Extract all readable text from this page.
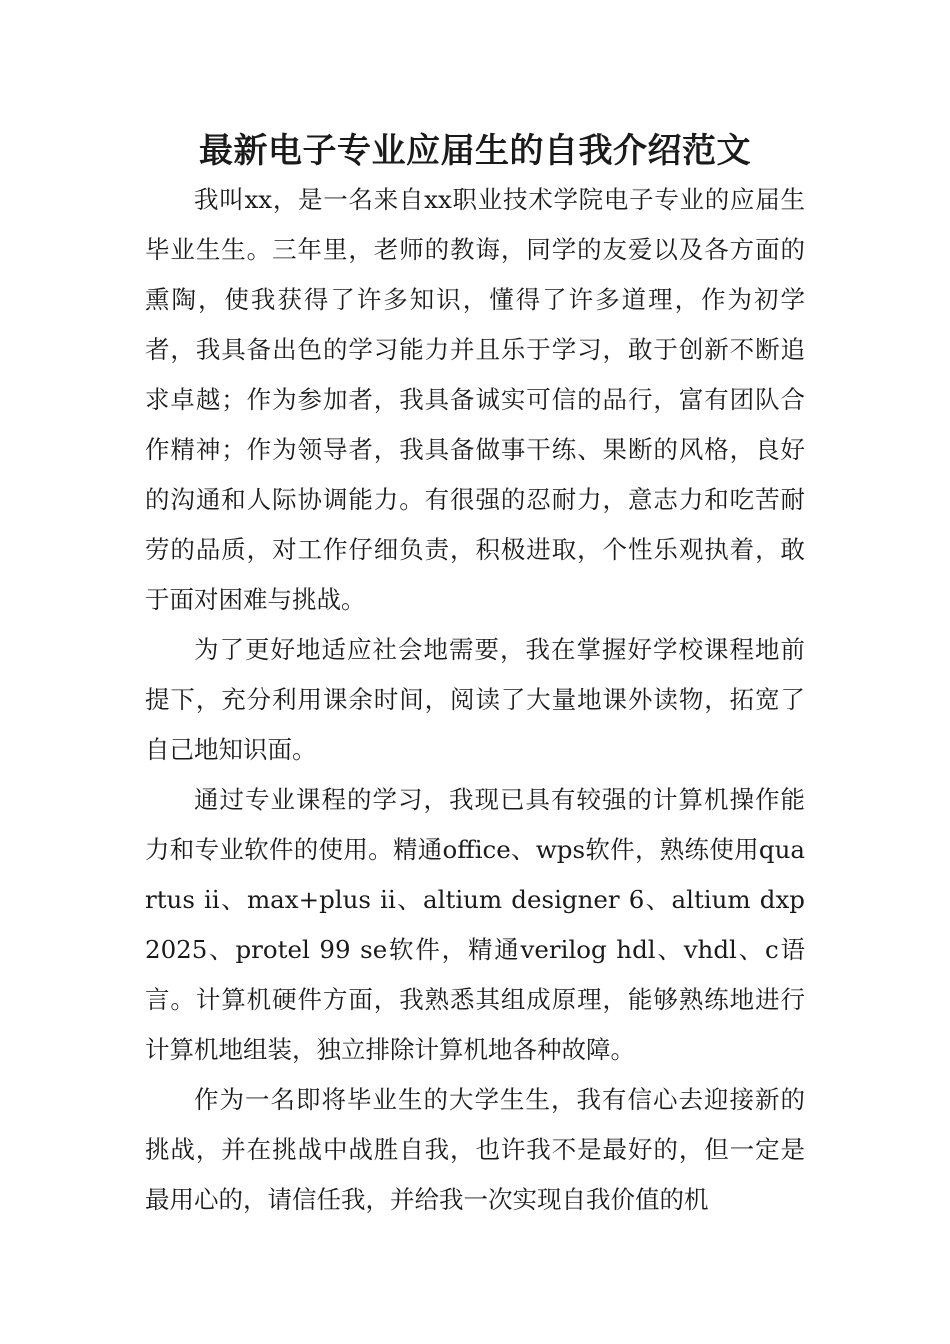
最新电子专业应届生的自我介绍范文

我叫xx，是一名来自xx职业技术学院电子专业的应届生毕业生生。三年里，老师的教诲，同学的友爱以及各方面的熏陶，使我获得了许多知识，懂得了许多道理，作为初学者，我具备出色的学习能力并且乐于学习，敢于创新不断追求卓越；作为参加者，我具备诚实可信的品行，富有团队合作精神；作为领导者，我具备做事干练、果断的风格，良好的沟通和人际协调能力。有很强的忍耐力，意志力和吃苦耐劳的品质，对工作仔细负责，积极进取，个性乐观执着，敢于面对困难与挑战。

为了更好地适应社会地需要，我在掌握好学校课程地前提下，充分利用课余时间，阅读了大量地课外读物，拓宽了自己地知识面。

通过专业课程的学习，我现已具有较强的计算机操作能力和专业软件的使用。精通office、wps软件，熟练使用quartus ii、max+plus ii、altium designer 6、altium dxp2025、protel 99 se软件，精通verilog hdl、vhdl、c语言。计算机硬件方面，我熟悉其组成原理，能够熟练地进行计算机地组装，独立排除计算机地各种故障。

作为一名即将毕业生的大学生生，我有信心去迎接新的挑战，并在挑战中战胜自我，也许我不是最好的，但一定是最用心的，请信任我，并给我一次实现自我价值的机
